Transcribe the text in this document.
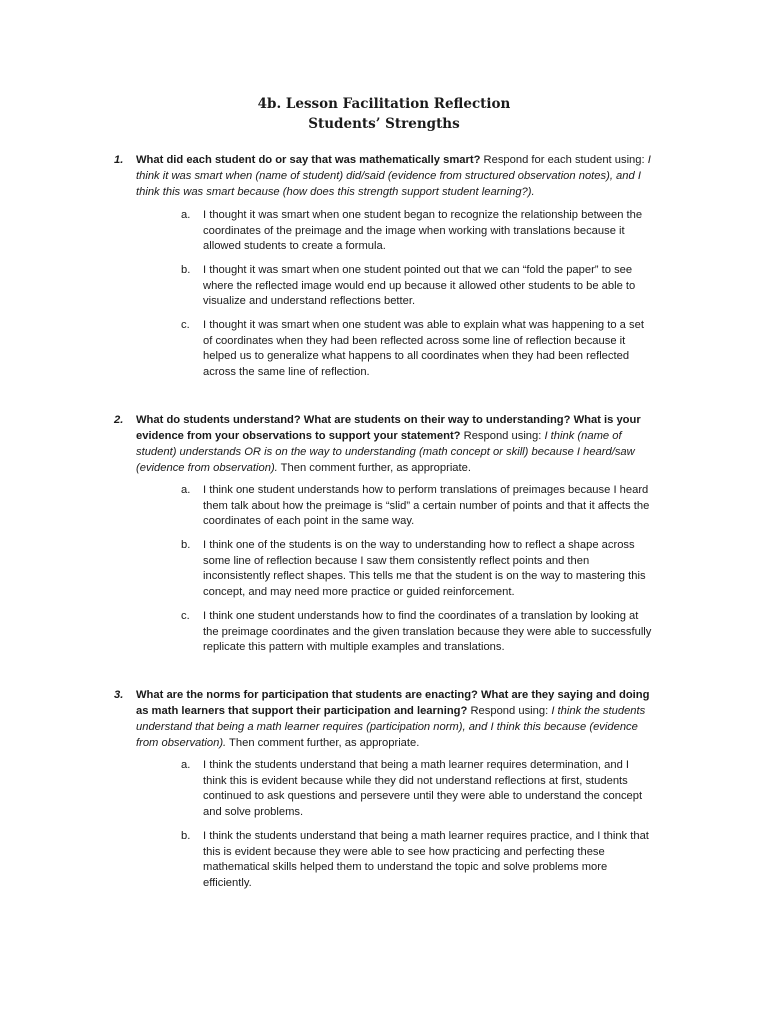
4b. Lesson Facilitation Reflection
Students’ Strengths
1. What did each student do or say that was mathematically smart? Respond for each student using: I think it was smart when (name of student) did/said (evidence from structured observation notes), and I think this was smart because (how does this strength support student learning?).
a. I thought it was smart when one student began to recognize the relationship between the coordinates of the preimage and the image when working with translations because it allowed students to create a formula.
b. I thought it was smart when one student pointed out that we can “fold the paper” to see where the reflected image would end up because it allowed other students to be able to visualize and understand reflections better.
c. I thought it was smart when one student was able to explain what was happening to a set of coordinates when they had been reflected across some line of reflection because it helped us to generalize what happens to all coordinates when they had been reflected across the same line of reflection.
2. What do students understand? What are students on their way to understanding? What is your evidence from your observations to support your statement? Respond using: I think (name of student) understands OR is on the way to understanding (math concept or skill) because I heard/saw (evidence from observation). Then comment further, as appropriate.
a. I think one student understands how to perform translations of preimages because I heard them talk about how the preimage is “slid” a certain number of points and that it affects the coordinates of each point in the same way.
b. I think one of the students is on the way to understanding how to reflect a shape across some line of reflection because I saw them consistently reflect points and then inconsistently reflect shapes. This tells me that the student is on the way to mastering this concept, and may need more practice or guided reinforcement.
c. I think one student understands how to find the coordinates of a translation by looking at the preimage coordinates and the given translation because they were able to successfully replicate this pattern with multiple examples and translations.
3. What are the norms for participation that students are enacting? What are they saying and doing as math learners that support their participation and learning? Respond using: I think the students understand that being a math learner requires (participation norm), and I think this because (evidence from observation). Then comment further, as appropriate.
a. I think the students understand that being a math learner requires determination, and I think this is evident because while they did not understand reflections at first, students continued to ask questions and persevere until they were able to understand the concept and solve problems.
b. I think the students understand that being a math learner requires practice, and I think that this is evident because they were able to see how practicing and perfecting these mathematical skills helped them to understand the topic and solve problems more efficiently.
